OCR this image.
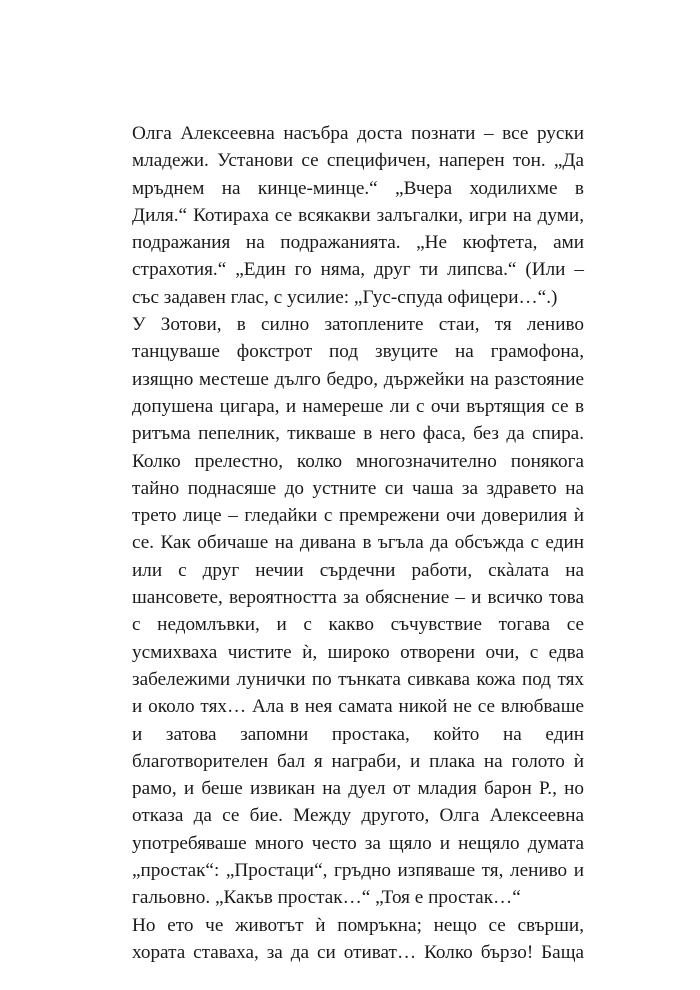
Олга Алексеевна насъбра доста познати – все руски
младежи. Установи се специфичен, наперен тон. „Да
мръднем на кинце-минце.“ „Вчера ходилихме в
Диля.“ Котираха се всякакви залъгалки, игри на думи,
подражания на подражанията. „Не кюфтета, ами
страхотия.“ „Един го няма, друг ти липсва.“ (Или –
със задавен глас, с усилие: „Гус-спуда офицери…“.)
У Зотови, в силно затоплените стаи, тя лениво
танцуваше фокстрот под звуците на грамофона,
изящно местеше дълго бедро, държейки на разстояние
допушена цигара, и намереше ли с очи въртящия се в
ритъма пепелник, тикваше в него фаса, без да спира.
Колко прелестно, колко многозначително понякога
тайно поднасяше до устните си чаша за здравето на
трето лице – гледайки с премрежени очи доверилия ѝ
се. Как обичаше на дивана в ъгъла да обсъжда с един
или с друг нечии сърдечни работи, скàлата на
шансовете, вероятността за обяснение – и всичко това
с недомлъвки, и с какво съчувствие тогава се
усмихваха чистите ѝ, широко отворени очи, с едва
забележими лунички по тънката сивкава кожа под тях
и около тях… Ала в нея самата никой не се влюбваше
и затова запомни простака, който на един
благотворителен бал я награби, и плака на голото ѝ
рамо, и беше извикан на дуел от младия барон Р., но
отказа да се бие. Между другото, Олга Алексеевна
употребяваше много често за щяло и нещяло думата
„простак“: „Простаци“, гръдно изпяваше тя, лениво и
гальовно. „Какъв простак…“ „Тоя е простак…“
Но ето че животът ѝ помръкна; нещо се свърши,
хората ставаха, за да си отиват… Колко бързо! Баща
